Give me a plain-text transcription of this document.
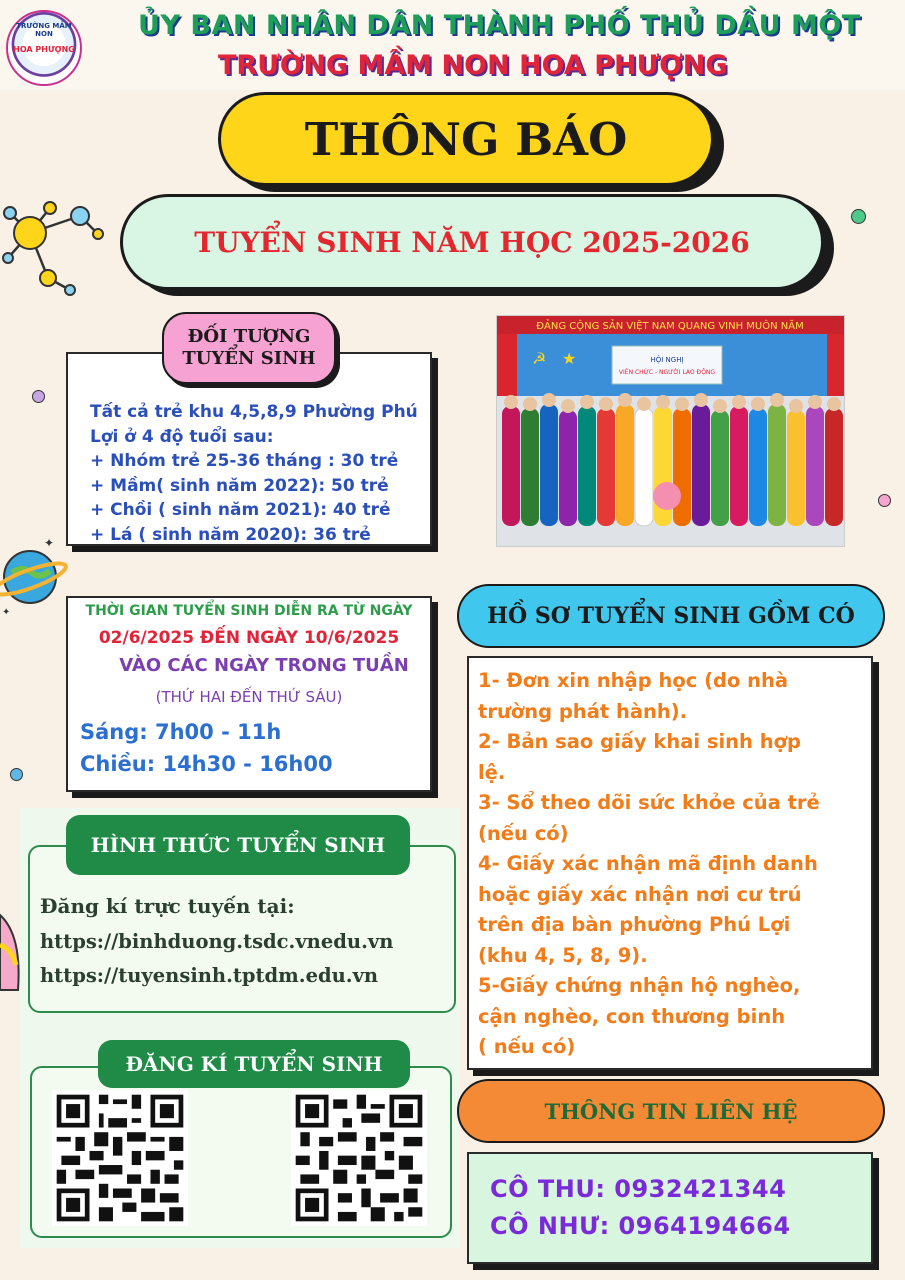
TRƯỜNG MẦM NON
HOA PHƯỢNG
ỦY BAN NHÂN DÂN THÀNH PHỐ THỦ DẦU MỘT
TRƯỜNG MẦM NON HOA PHƯỢNG
✦
✦
THÔNG BÁO
TUYỂN SINH NĂM HỌC 2025-2026
ĐỐI TƯỢNG
TUYỂN SINH
Tất cả trẻ khu 4,5,8,9 Phường Phú
Lợi ở 4 độ tuổi sau:
+ Nhóm trẻ 25-36 tháng : 30 trẻ
+ Mầm( sinh năm 2022): 50 trẻ
+ Chồi ( sinh năm 2021): 40 trẻ
+ Lá ( sinh năm 2020): 36 trẻ
ĐẢNG CỘNG SẢN VIỆT NAM QUANG VINH MUÔN NĂM
☭ ★	HỘI NGHỊ
VIÊN CHỨC - NGƯỜI LAO ĐỘNG
THỜI GIAN TUYỂN SINH DIỄN RA TỪ NGÀY
02/6/2025 ĐẾN NGÀY 10/6/2025
VÀO CÁC NGÀY TRONG TUẦN
(THỨ HAI ĐẾN THỨ SÁU)
Sáng: 7h00 - 11h
Chiều: 14h30 - 16h00
HỒ SƠ TUYỂN SINH GỒM CÓ
1- Đơn xin nhập học (do nhà
trường phát hành).
2- Bản sao giấy khai sinh hợp
lệ.
3- Sổ theo dõi sức khỏe của trẻ
(nếu có)
4- Giấy xác nhận mã định danh
hoặc giấy xác nhận nơi cư trú
trên địa bàn phường Phú Lợi
(khu 4, 5, 8, 9).
5-Giấy chứng nhận hộ nghèo,
cận nghèo, con thương binh
( nếu có)
HÌNH THỨC TUYỂN SINH
Đăng kí trực tuyến tại:
https://binhduong.tsdc.vnedu.vn
https://tuyensinh.tptdm.edu.vn
ĐĂNG KÍ TUYỂN SINH
THÔNG TIN LIÊN HỆ
CÔ THU: 0932421344
CÔ NHƯ: 0964194664
